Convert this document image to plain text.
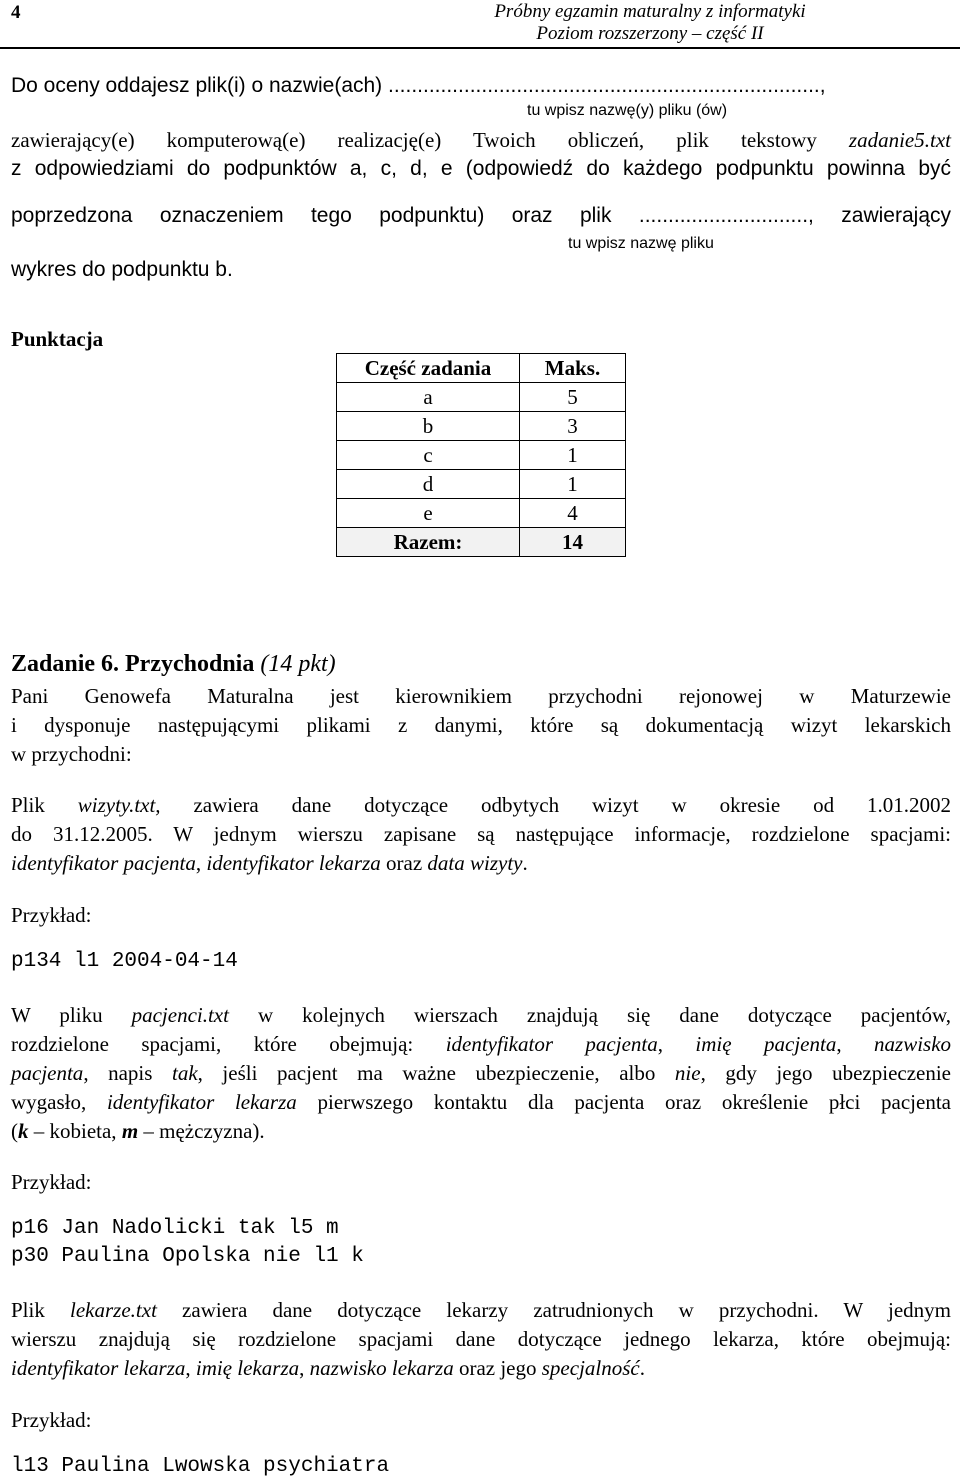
4	Próbny egzamin maturalny z informatyki
Poziom rozszerzony – część II
Do oceny oddajesz plik(i) o nazwie(ach) ..........................................................................,
tu wpisz nazwę(y) pliku (ów)
zawierający(e) komputerową(e) realizację(e) Twoich obliczeń, plik tekstowy zadanie5.txt
z odpowiedziami do podpunktów a, c, d, e (odpowiedź do każdego podpunktu powinna być
poprzedzona oznaczeniem tego podpunktu) oraz plik ............................., zawierający
tu wpisz nazwę pliku
wykres do podpunktu b.
Punktacja
Część zadania	Maks.
a	5
b	3
c	1
d	1
e	4
Razem:	14
Zadanie 6. Przychodnia (14 pkt)
Pani Genowefa Maturalna jest kierownikiem przychodni rejonowej w Maturzewie
i dysponuje następującymi plikami z danymi, które są dokumentacją wizyt lekarskich
w przychodni:
Plik wizyty.txt, zawiera dane dotyczące odbytych wizyt w okresie od 1.01.2002
do 31.12.2005. W jednym wierszu zapisane są następujące informacje, rozdzielone spacjami:
identyfikator pacjenta, identyfikator lekarza oraz data wizyty.
Przykład:
p134 l1 2004-04-14
W pliku pacjenci.txt w kolejnych wierszach znajdują się dane dotyczące pacjentów,
rozdzielone spacjami, które obejmują: identyfikator pacjenta, imię pacjenta, nazwisko
pacjenta, napis tak, jeśli pacjent ma ważne ubezpieczenie, albo nie, gdy jego ubezpieczenie
wygasło, identyfikator lekarza pierwszego kontaktu dla pacjenta oraz określenie płci pacjenta
(k – kobieta, m – mężczyzna).
Przykład:
p16 Jan Nadolicki tak l5 m
p30 Paulina Opolska nie l1 k
Plik lekarze.txt zawiera dane dotyczące lekarzy zatrudnionych w przychodni. W jednym
wierszu znajdują się rozdzielone spacjami dane dotyczące jednego lekarza, które obejmują:
identyfikator lekarza, imię lekarza, nazwisko lekarza oraz jego specjalność.
Przykład:
l13 Paulina Lwowska psychiatra
